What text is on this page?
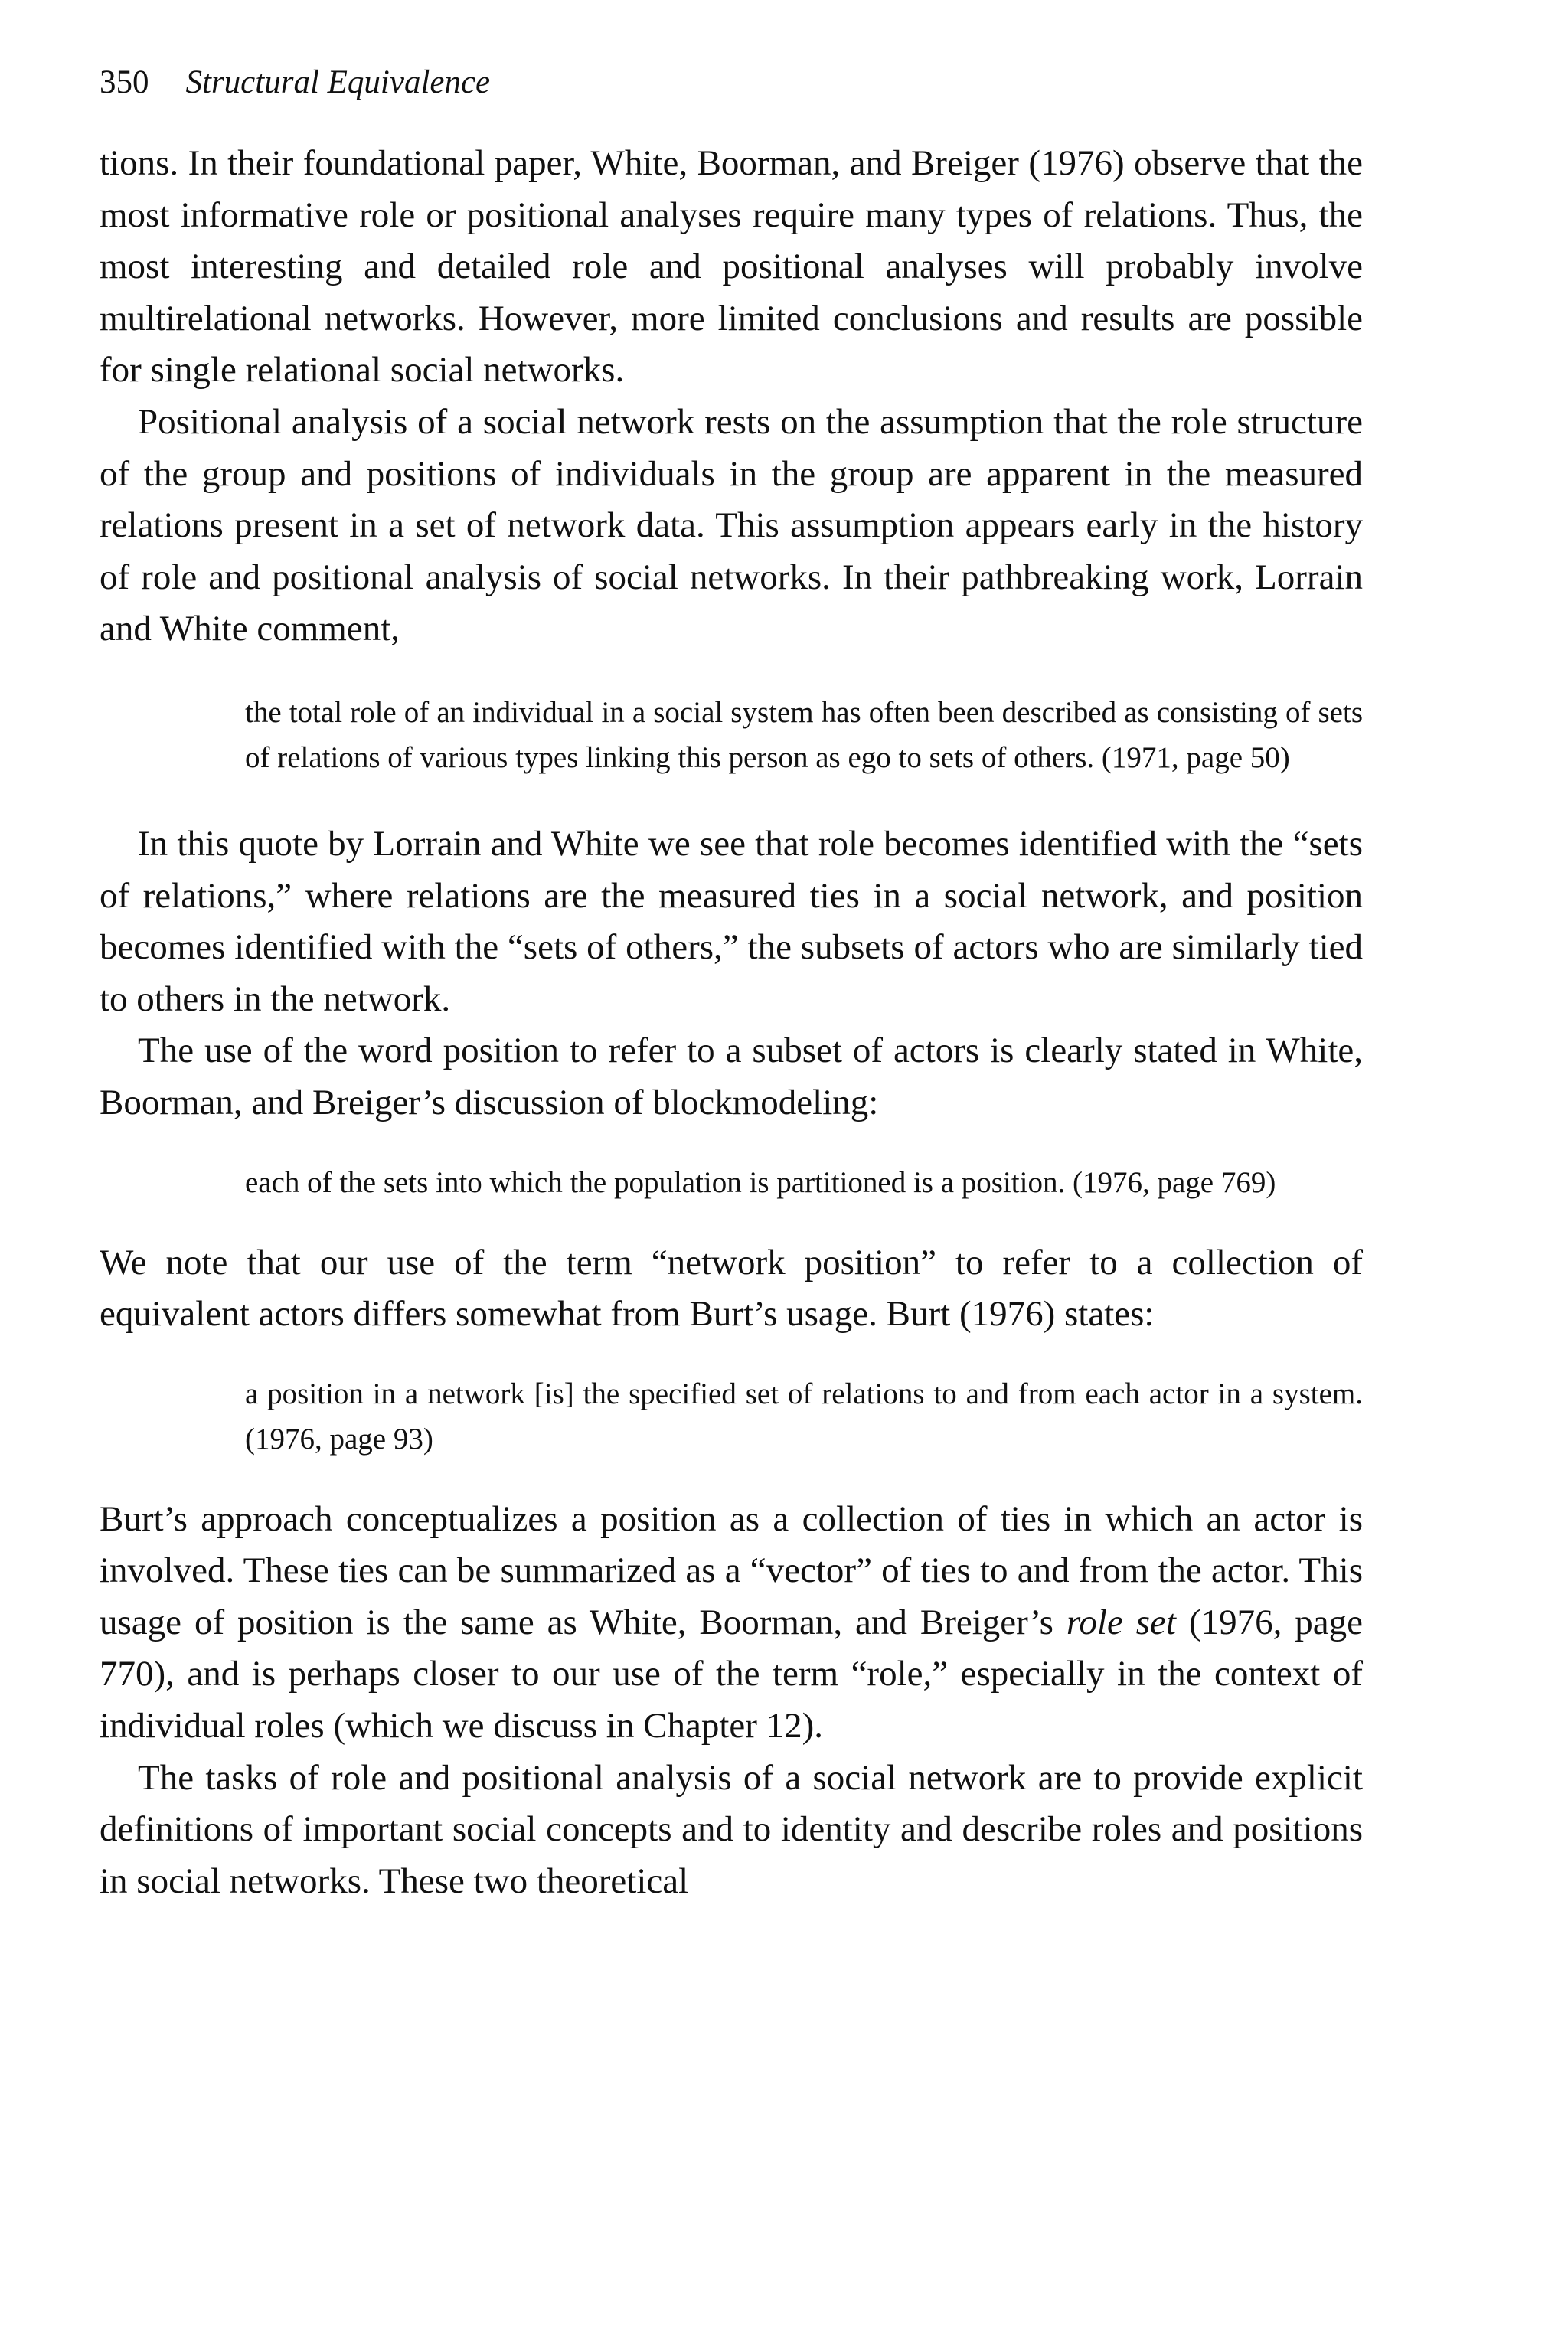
350 Structural Equivalence

tions. In their foundational paper, White, Boorman, and Breiger (1976) observe that the most informative role or positional analyses require many types of relations. Thus, the most interesting and detailed role and positional analyses will probably involve multirelational networks. However, more limited conclusions and results are possible for single relational social networks.

Positional analysis of a social network rests on the assumption that the role structure of the group and positions of individuals in the group are apparent in the measured relations present in a set of network data. This assumption appears early in the history of role and positional analysis of social networks. In their pathbreaking work, Lorrain and White comment,

the total role of an individual in a social system has often been described as consisting of sets of relations of various types linking this person as ego to sets of others. (1971, page 50)

In this quote by Lorrain and White we see that role becomes identified with the “sets of relations,” where relations are the measured ties in a social network, and position becomes identified with the “sets of others,” the subsets of actors who are similarly tied to others in the network.

The use of the word position to refer to a subset of actors is clearly stated in White, Boorman, and Breiger’s discussion of blockmodeling:

each of the sets into which the population is partitioned is a position. (1976, page 769)

We note that our use of the term “network position” to refer to a collection of equivalent actors differs somewhat from Burt’s usage. Burt (1976) states:

a position in a network [is] the specified set of relations to and from each actor in a system. (1976, page 93)

Burt’s approach conceptualizes a position as a collection of ties in which an actor is involved. These ties can be summarized as a “vector” of ties to and from the actor. This usage of position is the same as White, Boorman, and Breiger’s role set (1976, page 770), and is perhaps closer to our use of the term “role,” especially in the context of individual roles (which we discuss in Chapter 12).

The tasks of role and positional analysis of a social network are to provide explicit definitions of important social concepts and to identity and describe roles and positions in social networks. These two theoretical
